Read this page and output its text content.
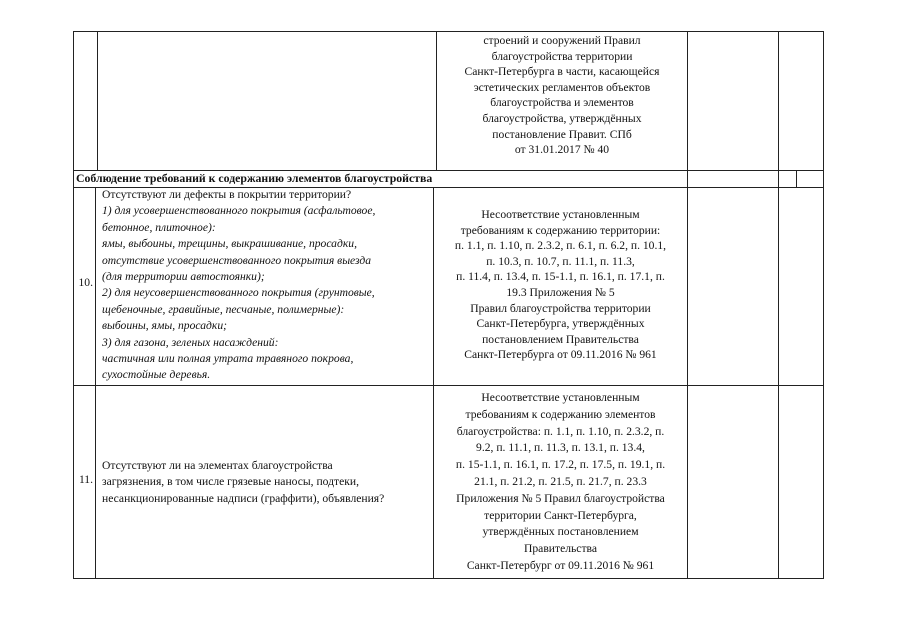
строений и сооружений Правил
благоустройства территории
Санкт-Петербурга в части, касающейся
эстетических регламентов объектов
благоустройства и элементов
благоустройства, утверждённых
постановление Правит. СПб
от 31.01.2017 № 40
Соблюдение требований к содержанию элементов благоустройства
10.
Отсутствуют ли дефекты в покрытии территории?
1) для усовершенствованного покрытия (асфальтовое,
бетонное, плиточное):
ямы, выбоины, трещины, выкрашивание, просадки,
отсутствие усовершенствованного покрытия выезда
(для территории автостоянки);
2) для неусовершенствованного покрытия (грунтовые,
щебеночные, гравийные, песчаные, полимерные):
выбоины, ямы, просадки;
3) для газона, зеленых насаждений:
частичная или полная утрата травяного покрова,
сухостойные деревья.
Несоответствие установленным
требованиям к содержанию территории:
п. 1.1, п. 1.10, п. 2.3.2, п. 6.1, п. 6.2, п. 10.1,
п. 10.3, п. 10.7, п. 11.1, п. 11.3,
п. 11.4, п. 13.4, п. 15-1.1, п. 16.1, п. 17.1, п.
19.3 Приложения № 5
Правил благоустройства территории
Санкт-Петербурга, утверждённых
постановлением Правительства
Санкт-Петербурга от 09.11.2016 № 961
11.
Отсутствуют ли на элементах благоустройства
загрязнения, в том числе грязевые наносы, подтеки,
несанкционированные надписи (граффити), объявления?
Несоответствие установленным
требованиям к содержанию элементов
благоустройства: п. 1.1, п. 1.10, п. 2.3.2, п.
9.2, п. 11.1, п. 11.3, п. 13.1, п. 13.4,
п. 15-1.1, п. 16.1, п. 17.2, п. 17.5, п. 19.1, п.
21.1, п. 21.2, п. 21.5, п. 21.7, п. 23.3
Приложения № 5 Правил благоустройства
территории Санкт-Петербурга,
утверждённых постановлением
Правительства
Санкт-Петербург от 09.11.2016 № 961
